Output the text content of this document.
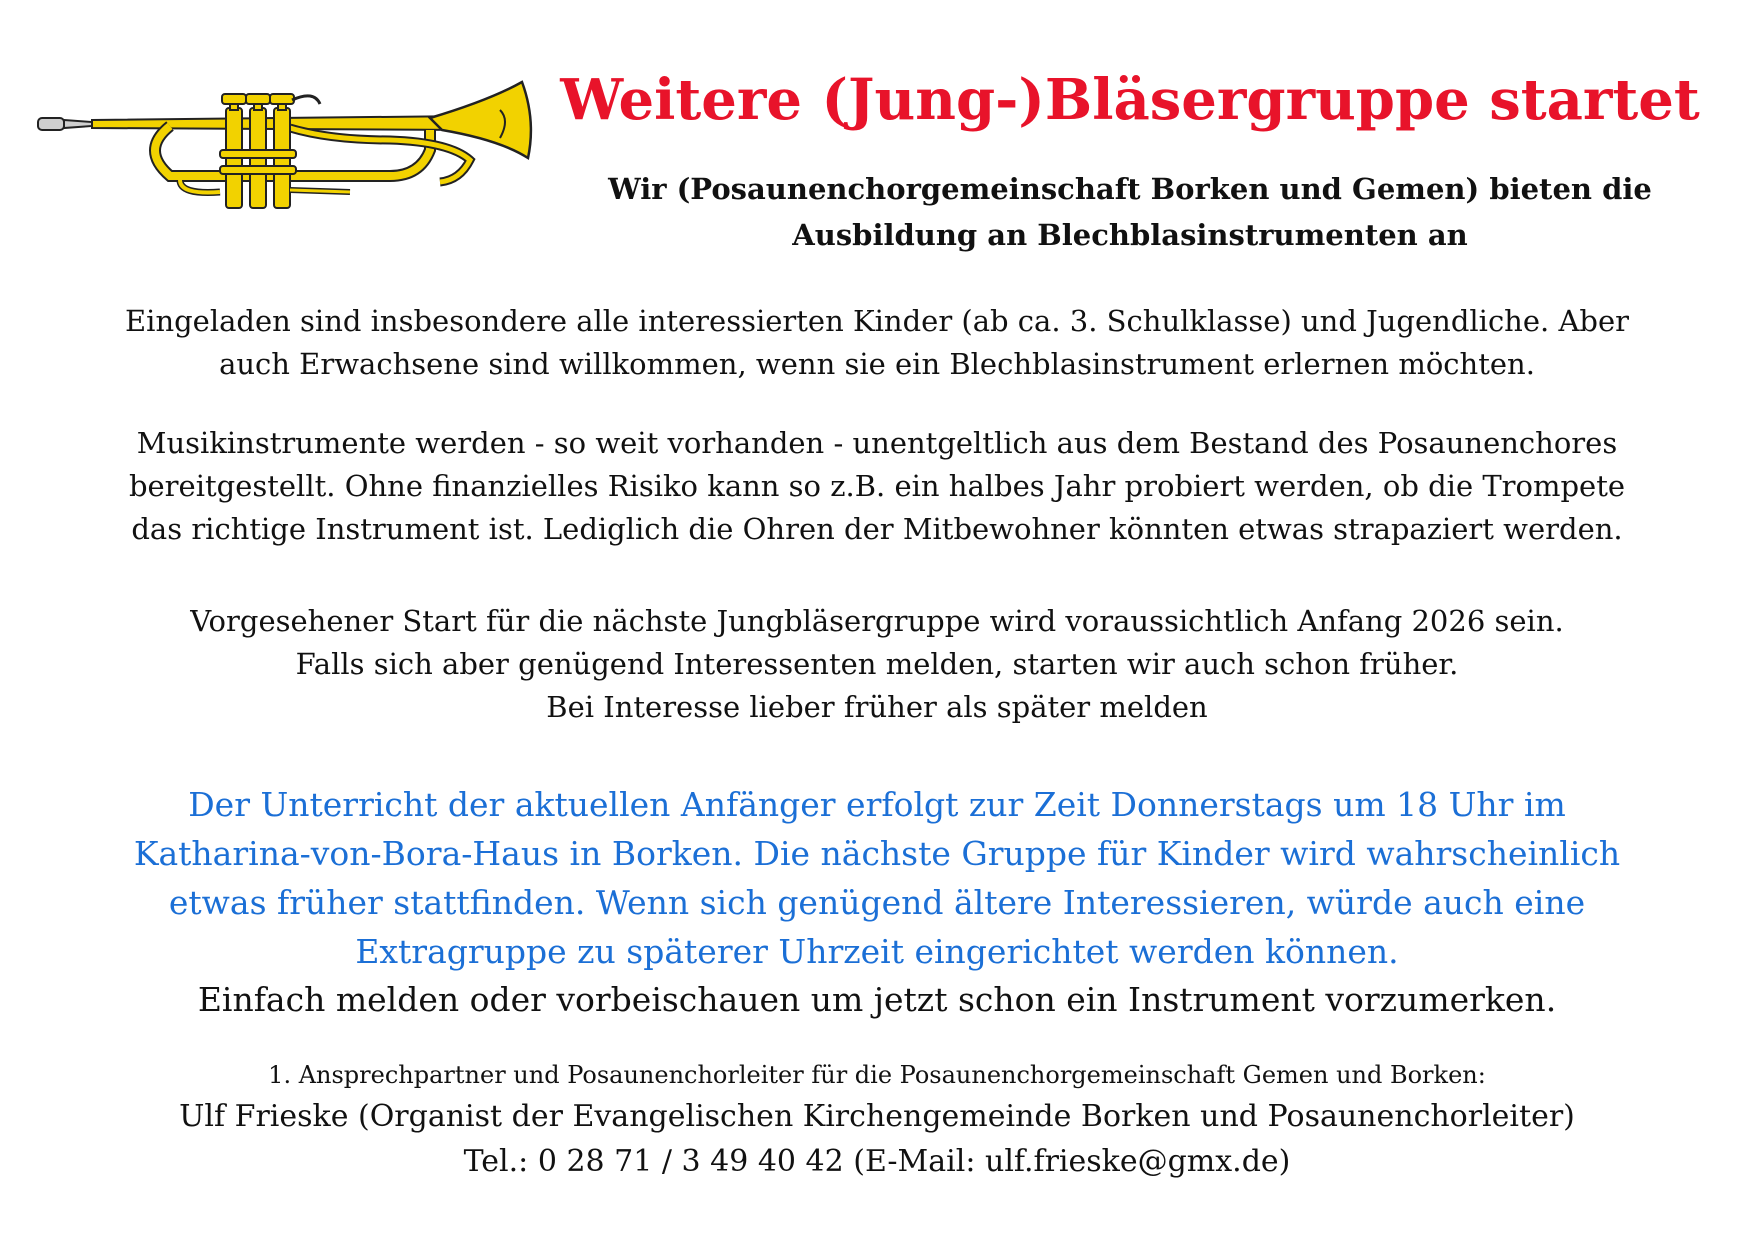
Weitere (Jung-)Bläsergruppe startet
Wir (Posaunenchorgemeinschaft Borken und Gemen) bieten die
Ausbildung an Blechblasinstrumenten an
Eingeladen sind insbesondere alle interessierten Kinder (ab ca. 3. Schulklasse) und Jugendliche. Aber
auch Erwachsene sind willkommen, wenn sie ein Blechblasinstrument erlernen möchten.
Musikinstrumente werden - so weit vorhanden - unentgeltlich aus dem Bestand des Posaunenchores
bereitgestellt. Ohne finanzielles Risiko kann so z.B. ein halbes Jahr probiert werden, ob die Trompete
das richtige Instrument ist. Lediglich die Ohren der Mitbewohner könnten etwas strapaziert werden.
Vorgesehener Start für die nächste Jungbläsergruppe wird voraussichtlich Anfang 2026 sein.
Falls sich aber genügend Interessenten melden, starten wir auch schon früher.
Bei Interesse lieber früher als später melden
Der Unterricht der aktuellen Anfänger erfolgt zur Zeit Donnerstags um 18 Uhr im
Katharina-von-Bora-Haus in Borken. Die nächste Gruppe für Kinder wird wahrscheinlich
etwas früher stattfinden. Wenn sich genügend ältere Interessieren, würde auch eine
Extragruppe zu späterer Uhrzeit eingerichtet werden können.
Einfach melden oder vorbeischauen um jetzt schon ein Instrument vorzumerken.
1. Ansprechpartner und Posaunenchorleiter für die Posaunenchorgemeinschaft Gemen und Borken:
Ulf Frieske (Organist der Evangelischen Kirchengemeinde Borken und Posaunenchorleiter)
Tel.: 0 28 71 / 3 49 40 42 (E-Mail: ulf.frieske@gmx.de)
